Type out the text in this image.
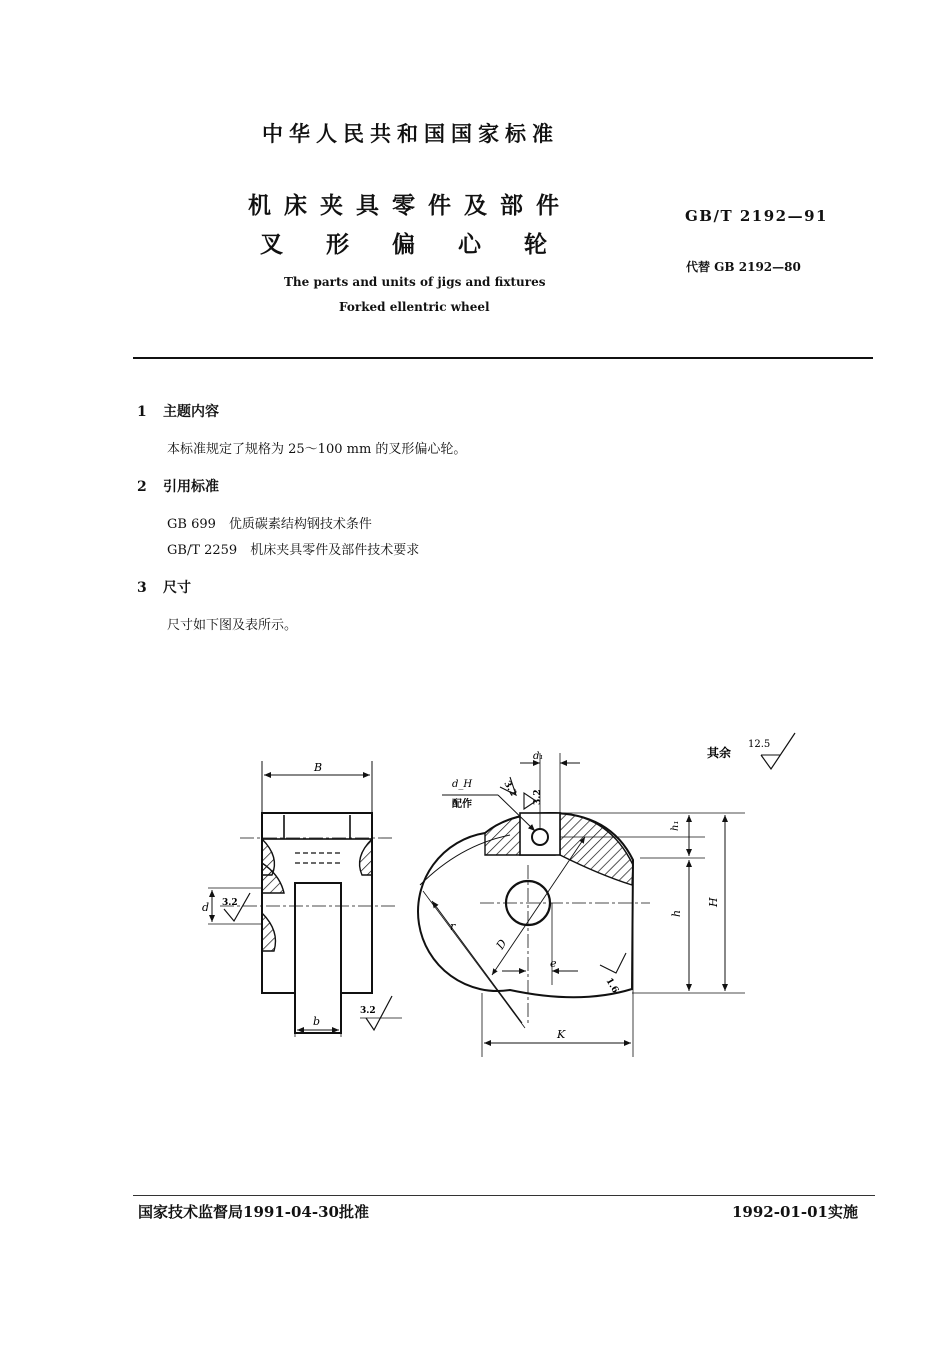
中华人民共和国国家标准
机床夹具零件及部件
叉 形 偏 心 轮
The parts and units of jigs and fixtures
Forked ellentric wheel
GB/T 2192—91
代替 GB 2192—80
1 主题内容
本标准规定了规格为 25～100 mm 的叉形偏心轮。
2 引用标准
GB 699　优质碳素结构钢技术条件
GB/T 2259　机床夹具零件及部件技术要求
3 尺寸
尺寸如下图及表所示。
其余
12.5
B
d 3.2
b
3.2
r
D
d₁
d_H
配作
3.2 3.2
h₁
h
H
e
1.6
K
国家技术监督局1991-04-30批准	1992-01-01实施
